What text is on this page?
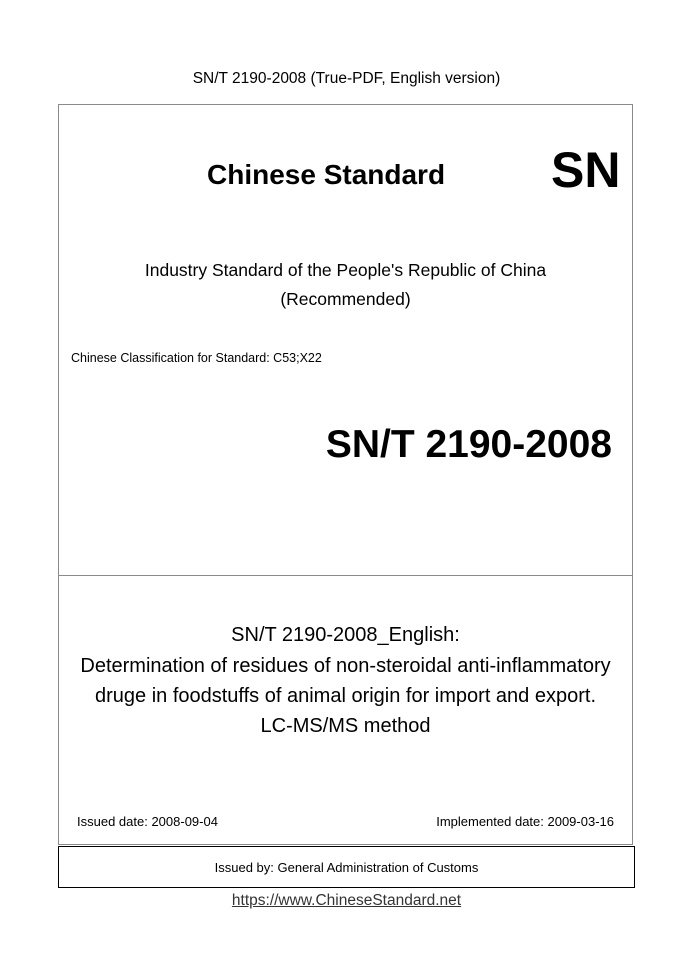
SN/T 2190-2008 (True-PDF, English version)
Chinese Standard SN
Industry Standard of the People's Republic of China
(Recommended)
Chinese Classification for Standard: C53;X22
SN/T 2190-2008
SN/T 2190-2008_English:
Determination of residues of non-steroidal anti-inflammatory
druge in foodstuffs of animal origin for import and export.
LC-MS/MS method
Issued date: 2008-09-04	Implemented date: 2009-03-16
Issued by: General Administration of Customs
https://www.ChineseStandard.net
